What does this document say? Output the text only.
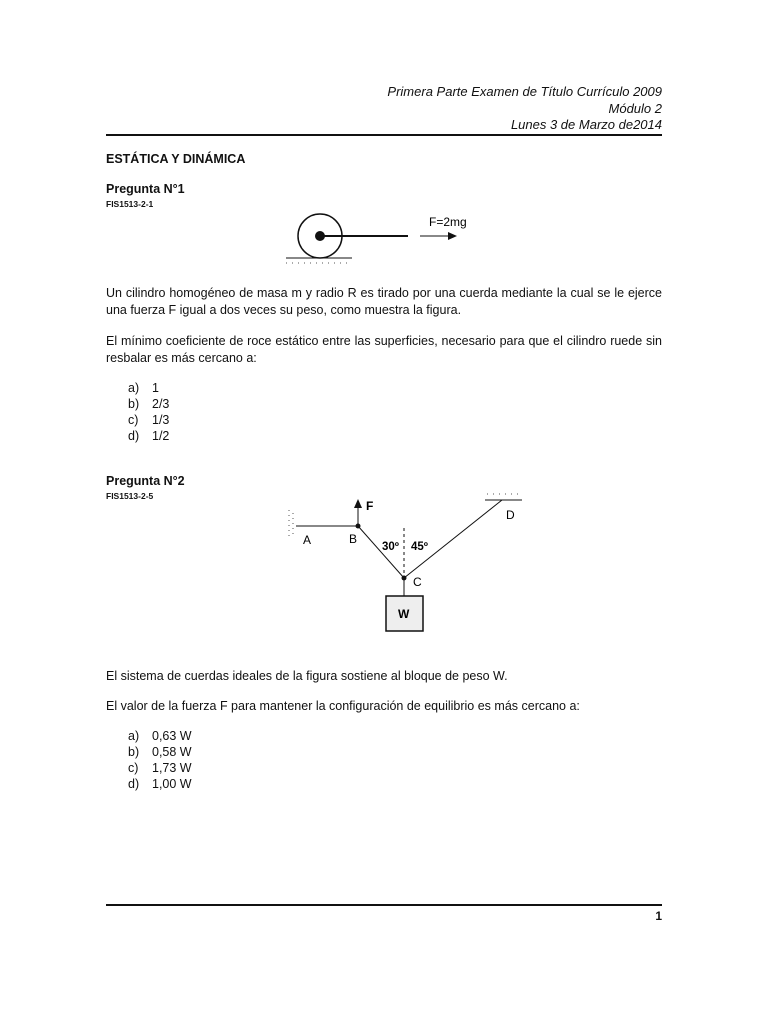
Primera Parte Examen de Título Currículo 2009
Módulo 2
Lunes 3 de Marzo de2014
ESTÁTICA Y DINÁMICA
Pregunta N°1
FIS1513-2-1
F=2mg
Un cilindro homogéneo de masa m y radio R es tirado por una cuerda mediante la cual se le ejerce una fuerza F igual a dos veces su peso, como muestra la figura.
El mínimo coeficiente de roce estático entre las superficies, necesario para que el cilindro ruede sin resbalar es más cercano a:
a)	1
b)	2/3
c)	1/3
d)	1/2
Pregunta N°2
FIS1513-2-5
A	B
F
30º 45º
C
D
W
El sistema de cuerdas ideales de la figura sostiene al bloque de peso W.
El valor de la fuerza F para mantener la configuración de equilibrio es más cercano a:
a)	0,63 W
b)	0,58 W
c)	1,73 W
d)	1,00 W
1
